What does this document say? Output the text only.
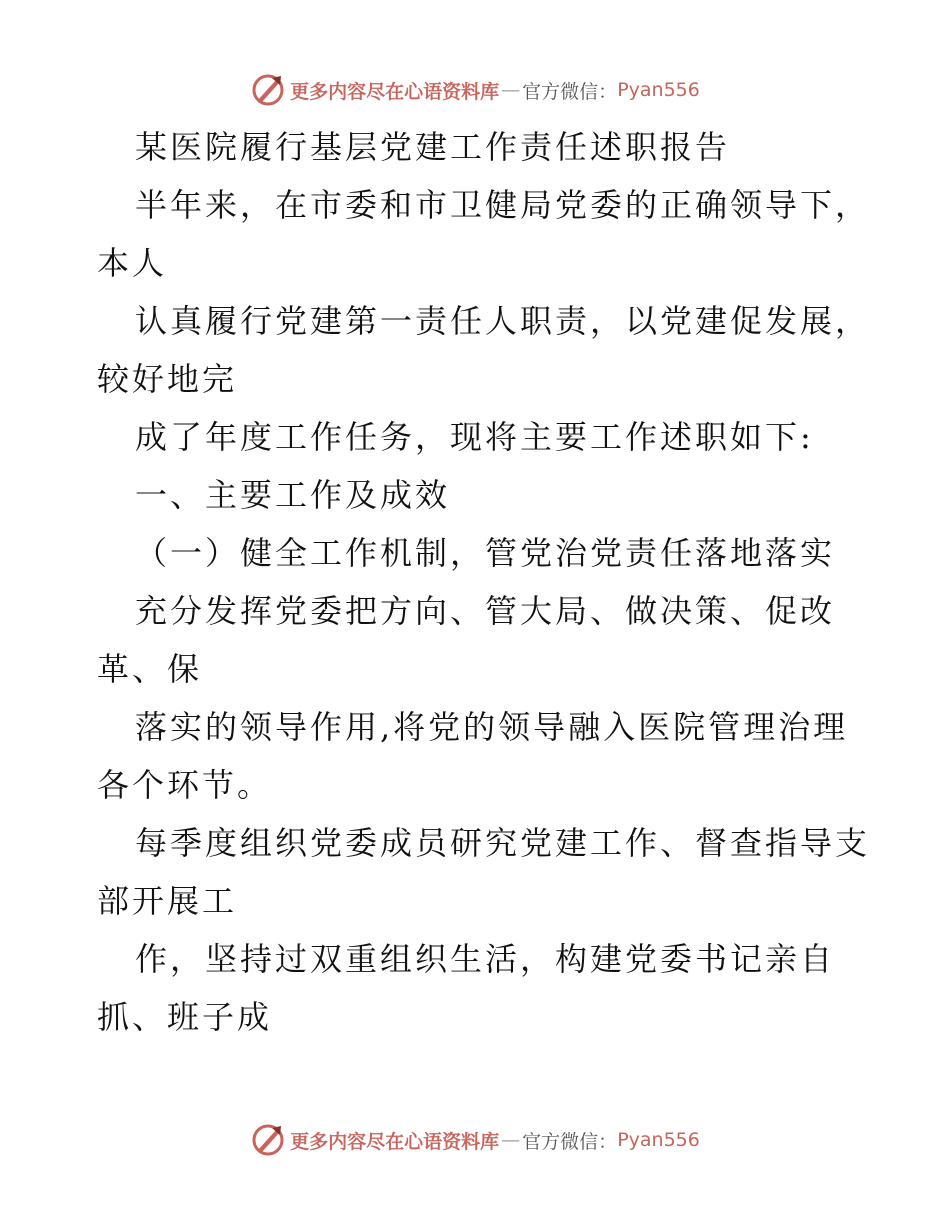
更多内容尽在心语资料库 — 官方微信： Pyan556
某医院履行基层党建工作责任述职报告
半年来，在市委和市卫健局党委的正确领导下，
本人
认真履行党建第一责任人职责，以党建促发展，
较好地完
成了年度工作任务，现将主要工作述职如下:
一、主要工作及成效
（一）健全工作机制，管党治党责任落地落实
充分发挥党委把方向、管大局、做决策、促改
革、保
落实的领导作用,将党的领导融入医院管理治理
各个环节。
每季度组织党委成员研究党建工作、督查指导支
部开展工
作，坚持过双重组织生活，构建党委书记亲自
抓、班子成
更多内容尽在心语资料库 — 官方微信： Pyan556
